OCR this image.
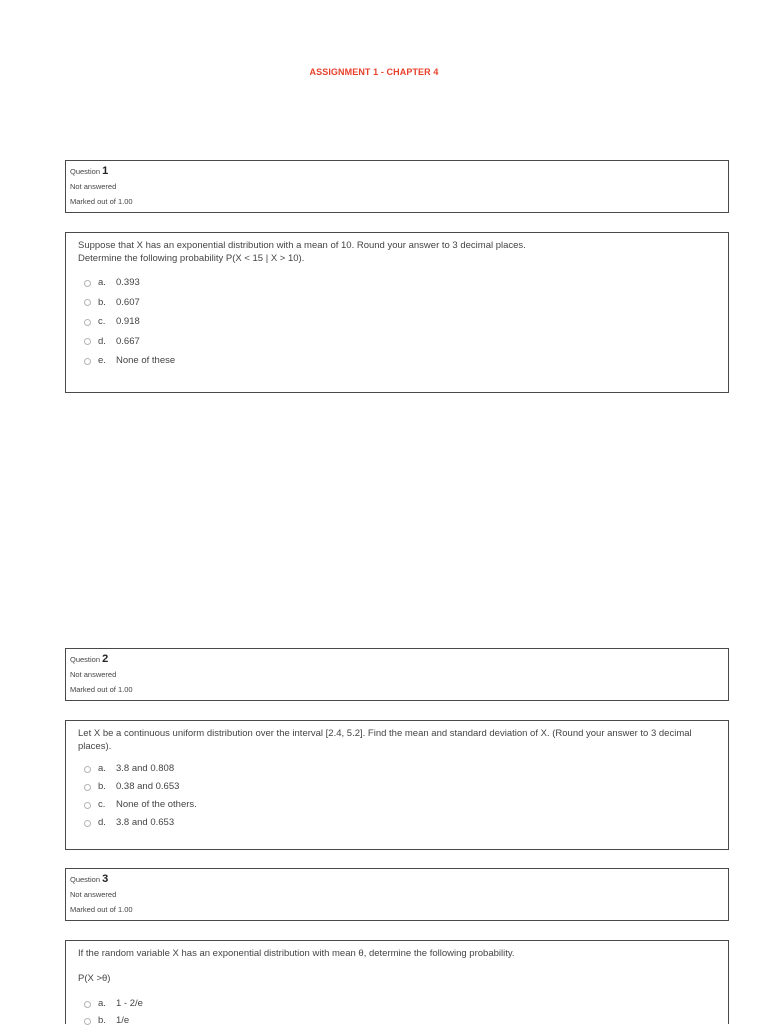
ASSIGNMENT 1 - CHAPTER 4
Question 1
Not answered
Marked out of 1.00

Suppose that X has an exponential distribution with a mean of 10. Round your answer to 3 decimal places.

Determine the following probability P(X < 15 | X > 10).

a. 0.393
b. 0.607
c. 0.918
d. 0.667
e. None of these
Question 2
Not answered
Marked out of 1.00

Let X be a continuous uniform distribution over the interval [2.4, 5.2]. Find the mean and standard deviation of X. (Round your answer to 3 decimal places).

a. 3.8 and 0.808
b. 0.38 and 0.653
c. None of the others.
d. 3.8 and 0.653
Question 3
Not answered
Marked out of 1.00

If the random variable X has an exponential distribution with mean θ, determine the following probability.

P(X >θ)

a. 1 - 2/e
b. 1/e
